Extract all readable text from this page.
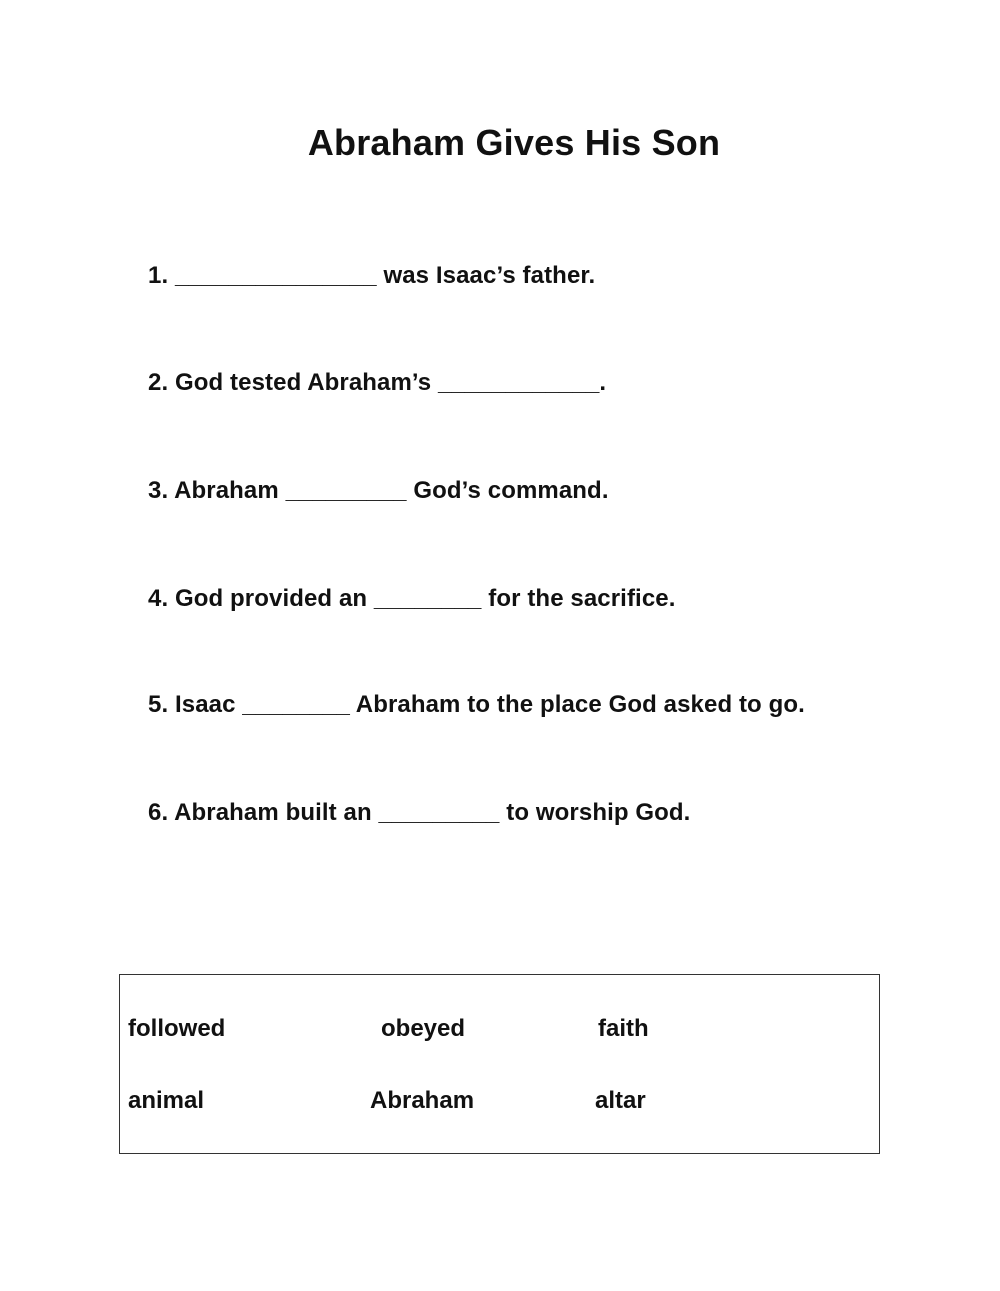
Abraham Gives His Son
1. _______________ was Isaac’s father.
2. God tested Abraham’s ____________.
3. Abraham _________ God’s command.
4. God provided an ________ for the sacrifice.
5. Isaac ________ Abraham to the place God asked to go.
6. Abraham built an _________ to worship God.
followed	obeyed	faith
animal	Abraham	altar
